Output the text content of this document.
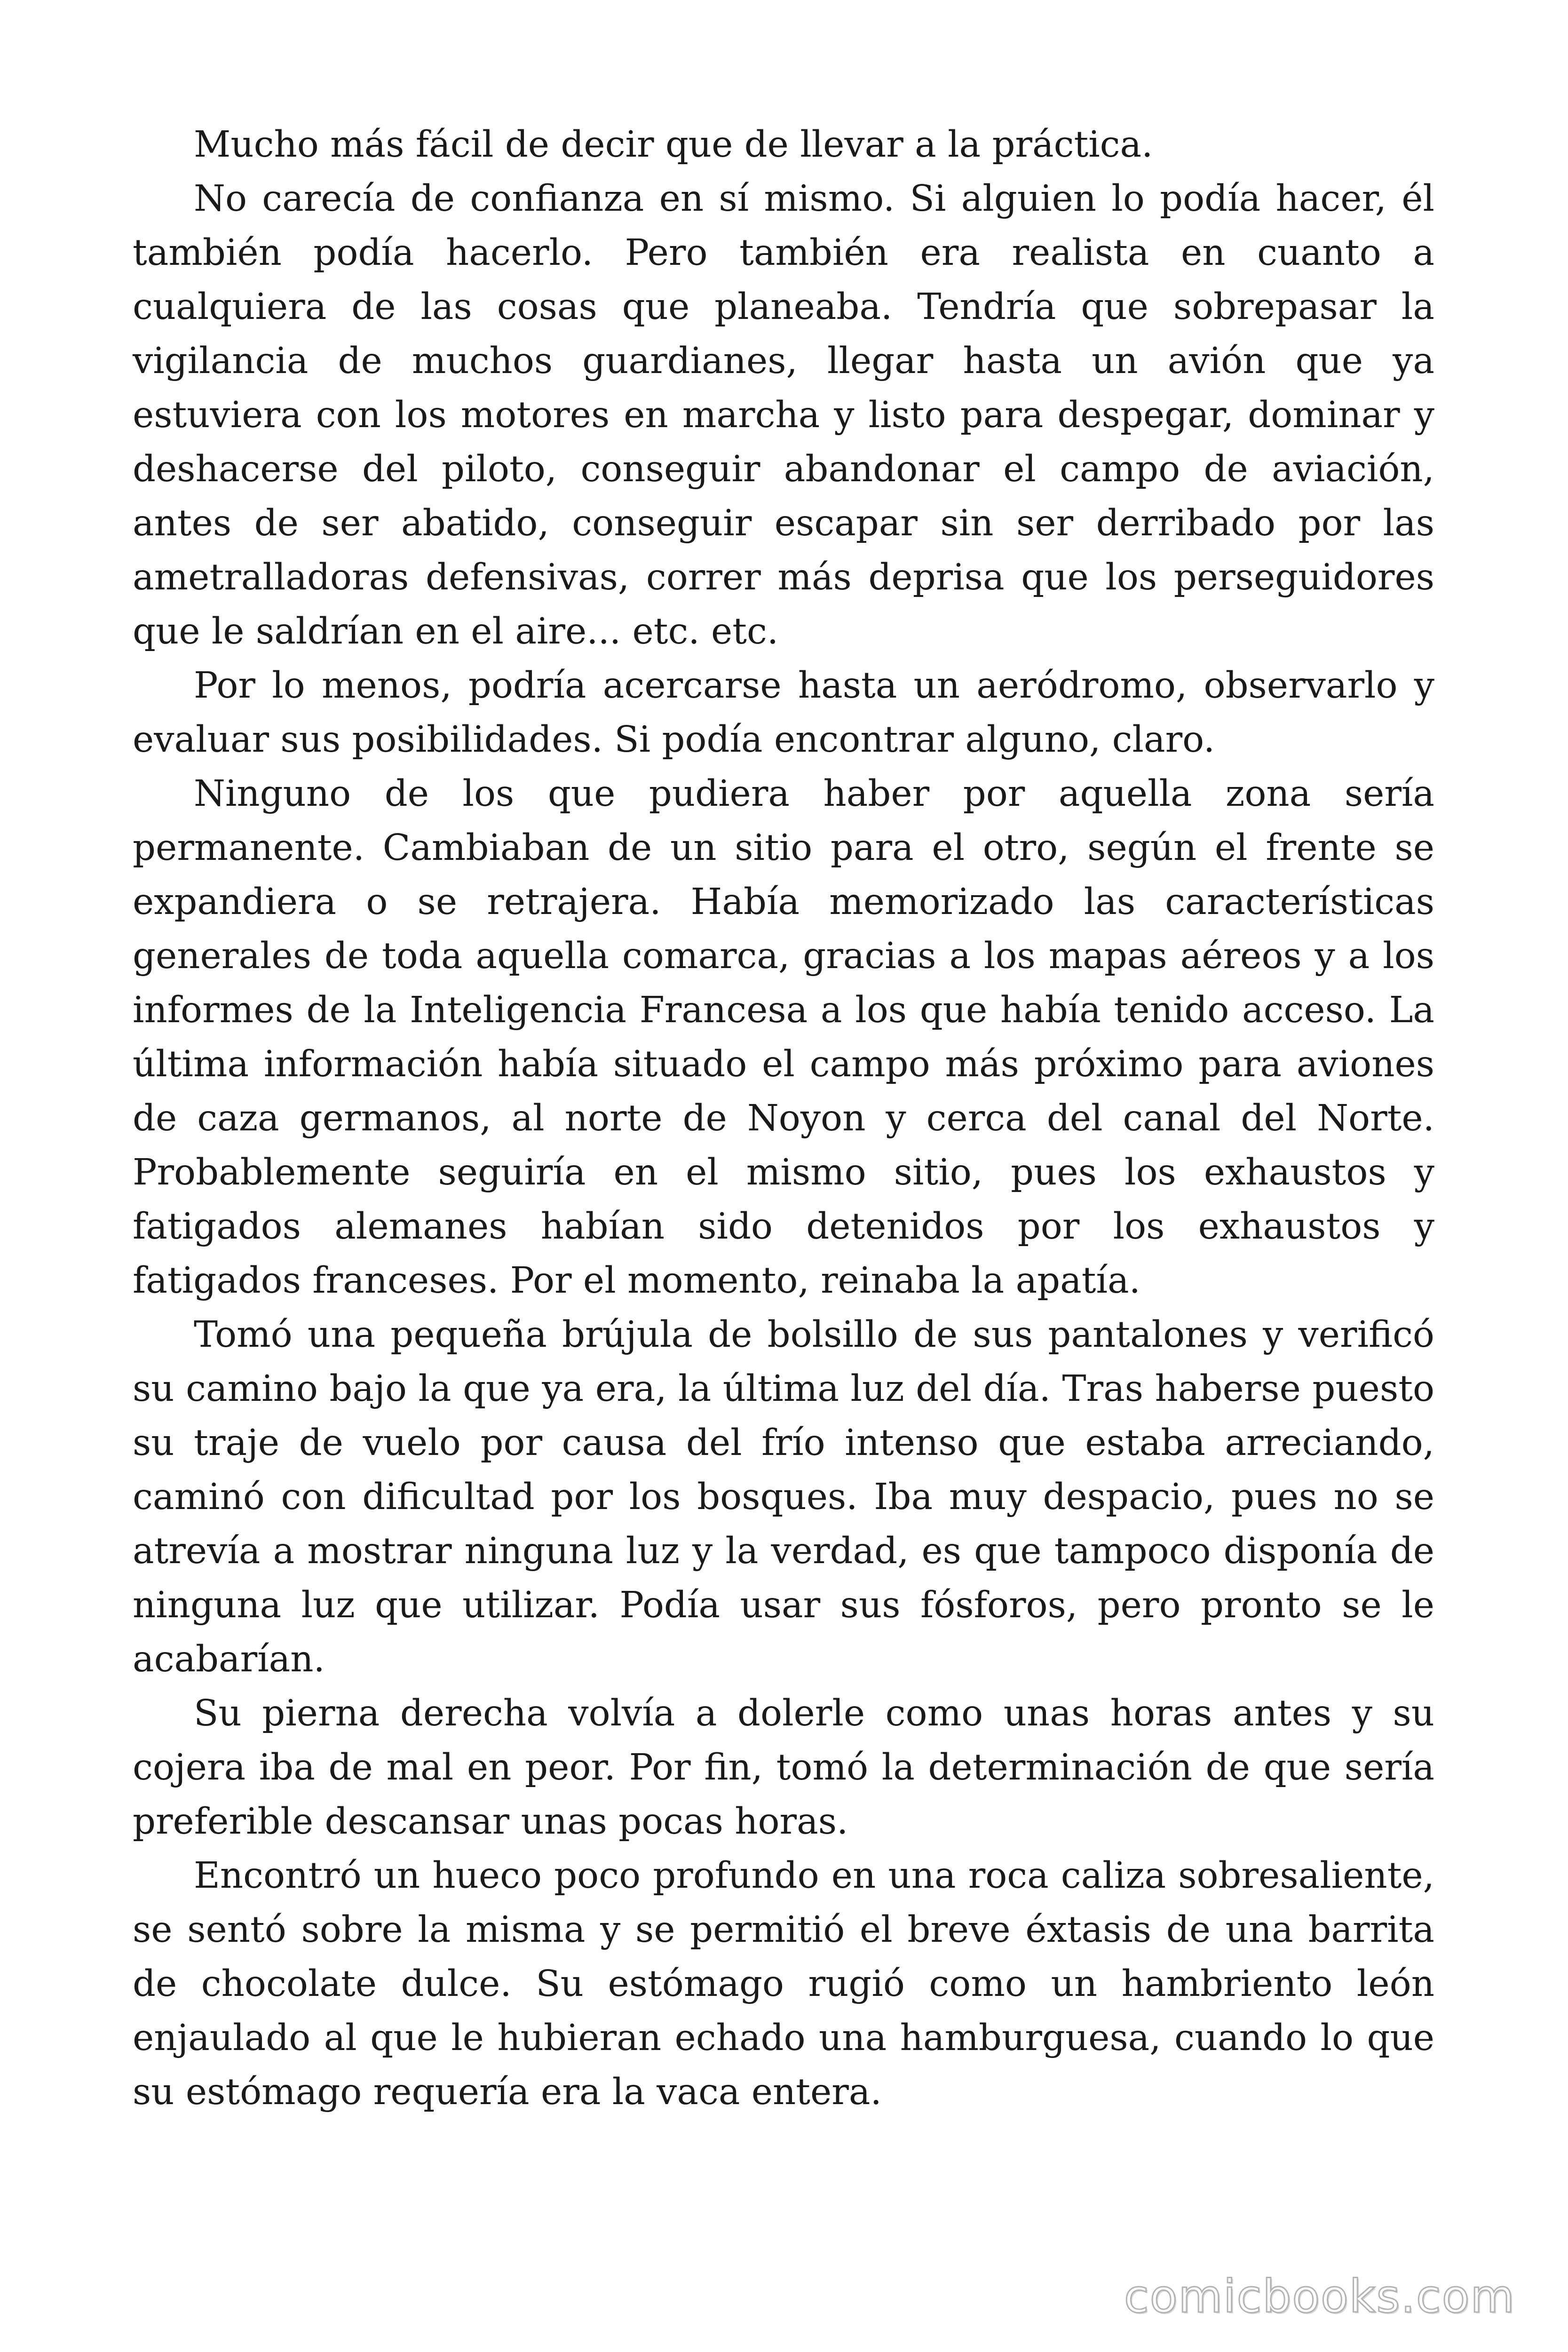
Mucho más fácil de decir que de llevar a la práctica.

No carecía de confianza en sí mismo. Si alguien lo podía hacer, él también podía hacerlo. Pero también era realista en cuanto a cualquiera de las cosas que planeaba. Tendría que sobrepasar la vigilancia de muchos guardianes, llegar hasta un avión que ya estuviera con los motores en marcha y listo para despegar, dominar y deshacerse del piloto, conseguir abandonar el campo de aviación, antes de ser abatido, conseguir escapar sin ser derribado por las ametralladoras defensivas, correr más deprisa que los perseguidores que le saldrían en el aire... etc. etc.

Por lo menos, podría acercarse hasta un aeródromo, observarlo y evaluar sus posibilidades. Si podía encontrar alguno, claro.

Ninguno de los que pudiera haber por aquella zona sería permanente. Cambiaban de un sitio para el otro, según el frente se expandiera o se retrajera. Había memorizado las características generales de toda aquella comarca, gracias a los mapas aéreos y a los informes de la Inteligencia Francesa a los que había tenido acceso. La última información había situado el campo más próximo para aviones de caza germanos, al norte de Noyon y cerca del canal del Norte. Probablemente seguiría en el mismo sitio, pues los exhaustos y fatigados alemanes habían sido detenidos por los exhaustos y fatigados franceses. Por el momento, reinaba la apatía.

Tomó una pequeña brújula de bolsillo de sus pantalones y verificó su camino bajo la que ya era, la última luz del día. Tras haberse puesto su traje de vuelo por causa del frío intenso que estaba arreciando, caminó con dificultad por los bosques. Iba muy despacio, pues no se atrevía a mostrar ninguna luz y la verdad, es que tampoco disponía de ninguna luz que utilizar. Podía usar sus fósforos, pero pronto se le acabarían.

Su pierna derecha volvía a dolerle como unas horas antes y su cojera iba de mal en peor. Por fin, tomó la determinación de que sería preferible descansar unas pocas horas.

Encontró un hueco poco profundo en una roca caliza sobresaliente, se sentó sobre la misma y se permitió el breve éxtasis de una barrita de chocolate dulce. Su estómago rugió como un hambriento león enjaulado al que le hubieran echado una hamburguesa, cuando lo que su estómago requería era la vaca entera.

comicbooks.com
